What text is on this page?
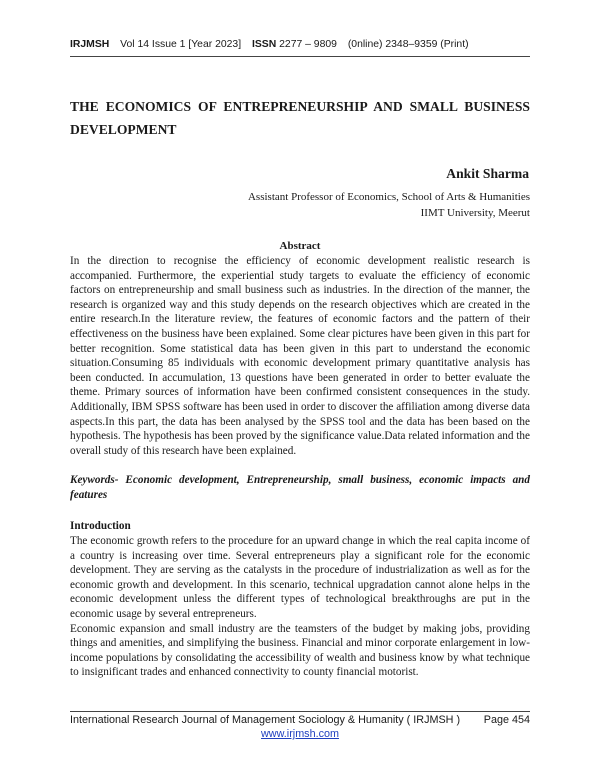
IRJMSH Vol 14 Issue 1 [Year 2023] ISSN 2277 – 9809 (0nline) 2348–9359 (Print)
THE ECONOMICS OF ENTREPRENEURSHIP AND SMALL BUSINESS DEVELOPMENT
Ankit Sharma
Assistant Professor of Economics, School of Arts & Humanities
IIMT University, Meerut
Abstract

In the direction to recognise the efficiency of economic development realistic research is accompanied. Furthermore, the experiential study targets to evaluate the efficiency of economic factors on entrepreneurship and small business such as industries. In the direction of the manner, the research is organized way and this study depends on the research objectives which are created in the entire research.In the literature review, the features of economic factors and the pattern of their effectiveness on the business have been explained. Some clear pictures have been given in this part for better recognition. Some statistical data has been given in this part to understand the economic situation.Consuming 85 individuals with economic development primary quantitative analysis has been conducted. In accumulation, 13 questions have been generated in order to better evaluate the theme. Primary sources of information have been confirmed consistent consequences in the study. Additionally, IBM SPSS software has been used in order to discover the affiliation among diverse data aspects.In this part, the data has been analysed by the SPSS tool and the data has been based on the hypothesis. The hypothesis has been proved by the significance value.Data related information and the overall study of this research have been explained.

Keywords- Economic development, Entrepreneurship, small business, economic impacts and features

Introduction

The economic growth refers to the procedure for an upward change in which the real capita income of a country is increasing over time. Several entrepreneurs play a significant role for the economic development. They are serving as the catalysts in the procedure of industrialization as well as for the economic growth and development. In this scenario, technical upgradation cannot alone helps in the economic development unless the different types of technological breakthroughs are put in the economic usage by several entrepreneurs.

Economic expansion and small industry are the teamsters of the budget by making jobs, providing things and amenities, and simplifying the business. Financial and minor corporate enlargement in low-income populations by consolidating the accessibility of wealth and business know by what technique to insignificant trades and enhanced connectivity to county financial motorist.

International Research Journal of Management Sociology & Humanity ( IRJMSH ) Page 454
www.irjmsh.com
